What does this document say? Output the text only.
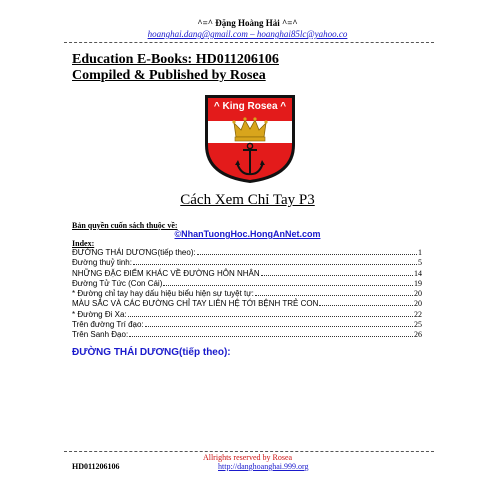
^=^ Đặng Hoàng Hải ^=^
hoanghai.dang@gmail.com – hoanghai85lc@yahoo.co
Education E-Books: HD011206106
Compiled & Published by Rosea
^ King Rosea ^
Cách Xem Chỉ Tay P3
Bản quyền cuốn sách thuộc về:
©NhanTuongHoc.HongAnNet.com
Index:
ĐƯỜNG THÁI DƯƠNG(tiếp theo):	1
Đường thuỷ tinh:	5
NHỮNG ĐẶC ĐIỂM KHÁC VỀ ĐƯỜNG HÔN NHÂN	14
Đường Tử Tức (Con Cái)	19
* Đường chỉ tay hay dấu hiệu biểu hiện sự tuyệt tự:	20
MÀU SẮC VÀ CÁC ĐƯỜNG CHỈ TAY LIÊN HỆ TỚI BỆNH TRẺ CON	20
* Đường Đi Xa:	22
Trên đường Trí đạo:	25
Trên Sanh Đạo:	26
ĐƯỜNG THÁI DƯƠNG(tiếp theo):
Allrights reserved by Rosea
HD011206106	http://danghoanghai.999.org
